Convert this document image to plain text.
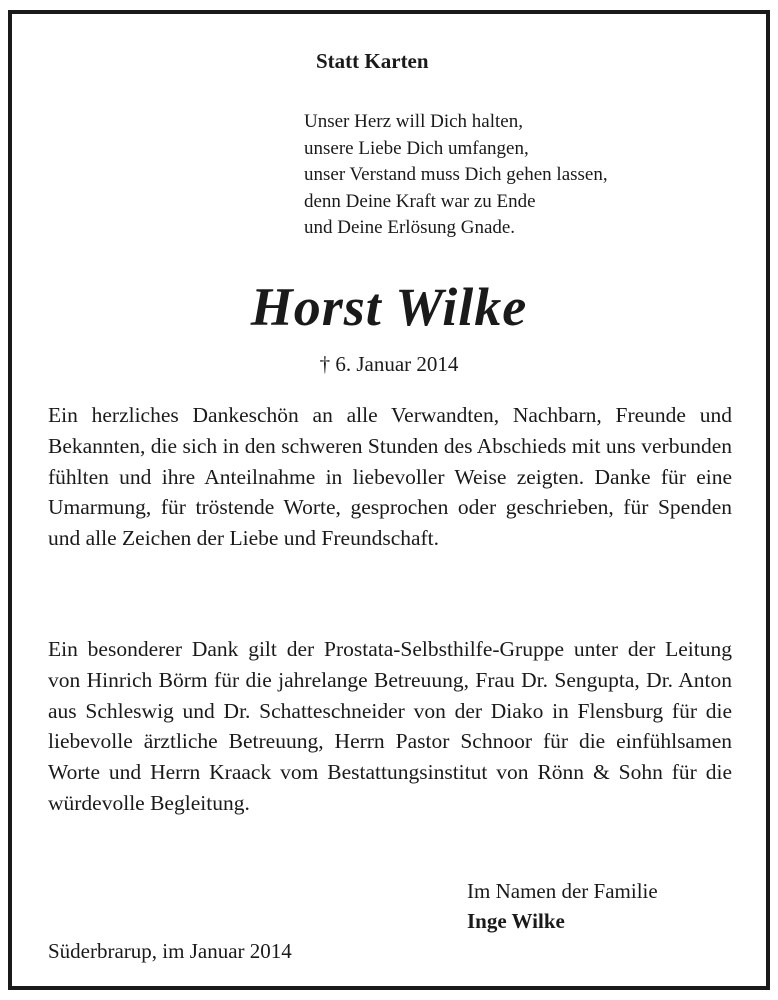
Statt Karten
Unser Herz will Dich halten,
unsere Liebe Dich umfangen,
unser Verstand muss Dich gehen lassen,
denn Deine Kraft war zu Ende
und Deine Erlösung Gnade.
Horst Wilke
† 6. Januar 2014

Ein herzliches Dankeschön an alle Verwandten, Nachbarn, Freunde und Bekannten, die sich in den schweren Stunden des Abschieds mit uns verbunden fühlten und ihre Anteilnahme in liebevoller Weise zeigten. Danke für eine Umarmung, für tröstende Worte, gesprochen oder geschrieben, für Spenden und alle Zeichen der Liebe und Freundschaft.

Ein besonderer Dank gilt der Prostata-Selbsthilfe-Gruppe unter der Leitung von Hinrich Börm für die jahrelange Betreuung, Frau Dr. Sengupta, Dr. Anton aus Schleswig und Dr. Schatteschneider von der Diako in Flensburg für die liebevolle ärztliche Betreuung, Herrn Pastor Schnoor für die einfühlsamen Worte und Herrn Kraack vom Bestattungsinstitut von Rönn & Sohn für die würdevolle Begleitung.

Im Namen der Familie
Inge Wilke
Süderbrarup, im Januar 2014
